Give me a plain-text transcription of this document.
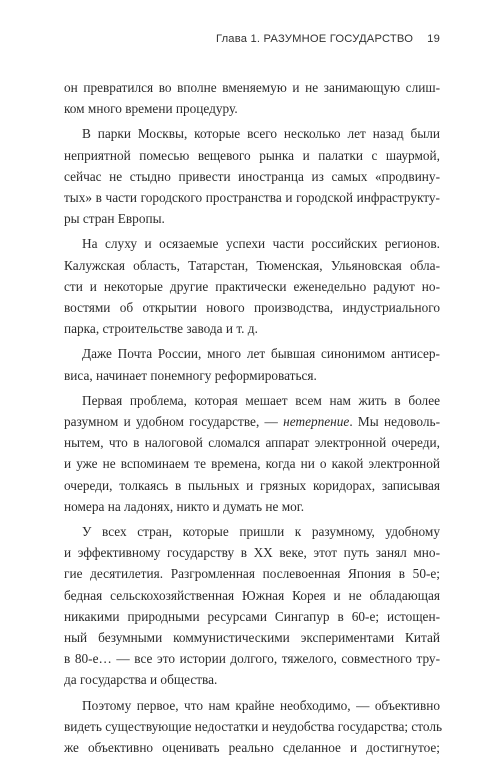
Глава 1. РАЗУМНОЕ ГОСУДАРСТВО 19

он превратился во вполне вменяемую и не занимающую слиш-
ком много времени процедуру.

В парки Москвы, которые всего несколько лет назад были
неприятной помесью вещевого рынка и палатки с шаурмой,
сейчас не стыдно привести иностранца из самых «продвину-
тых» в части городского пространства и городской инфраструкту-
ры стран Европы.

На слуху и осязаемые успехи части российских регионов.
Калужская область, Татарстан, Тюменская, Ульяновская обла-
сти и некоторые другие практически еженедельно радуют но-
востями об открытии нового производства, индустриального
парка, строительстве завода и т. д.

Даже Почта России, много лет бывшая синонимом антисер-
виса, начинает понемногу реформироваться.

Первая проблема, которая мешает всем нам жить в более
разумном и удобном государстве, — нетерпение. Мы недоволь-
нытем, что в налоговой сломался аппарат электронной очереди,
и уже не вспоминаем те времена, когда ни о какой электронной
очереди, толкаясь в пыльных и грязных коридорах, записывая
номера на ладонях, никто и думать не мог.

У всех стран, которые пришли к разумному, удобному
и эффективному государству в XX веке, этот путь занял мно-
гие десятилетия. Разгромленная послевоенная Япония в 50-е;
бедная сельскохозяйственная Южная Корея и не обладающая
никакими природными ресурсами Сингапур в 60-е; истощен-
ный безумными коммунистическими экспериментами Китай
в 80-е… — все это истории долгого, тяжелого, совместного тру-
да государства и общества.

Поэтому первое, что нам крайне необходимо, — объективно
видеть существующие недостатки и неудобства государства; столь
же объективно оценивать реально сделанное и достигнутое;
